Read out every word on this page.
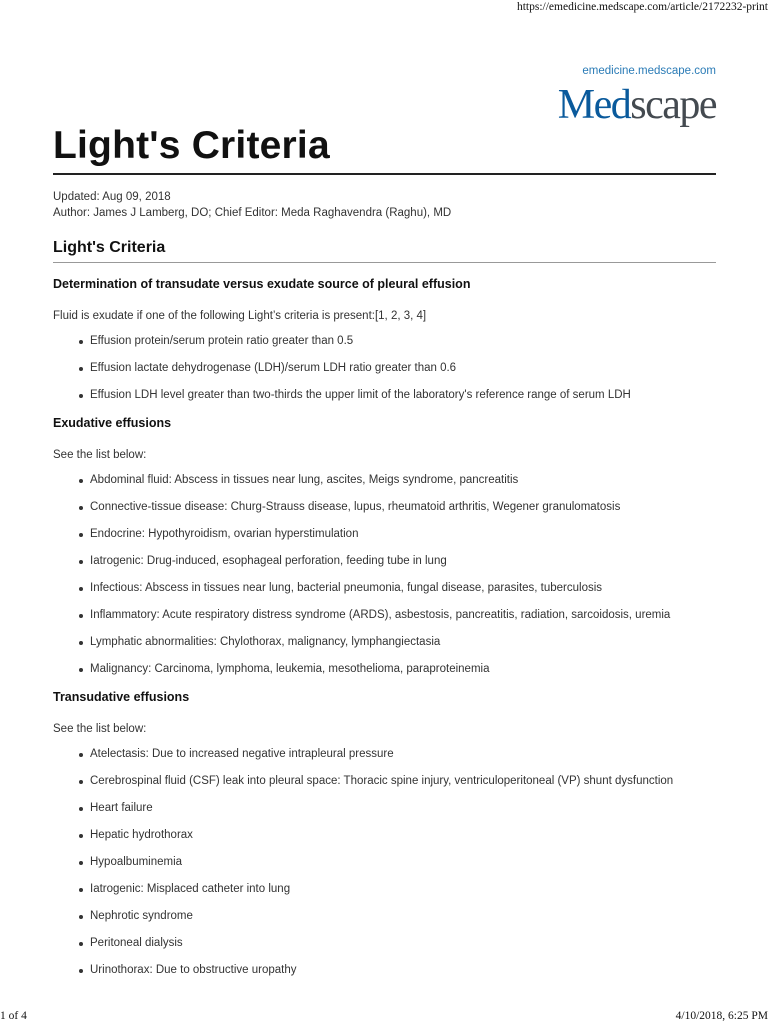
https://emedicine.medscape.com/article/2172232-print
emedicine.medscape.com
Medscape
Light's Criteria
Updated: Aug 09, 2018
Author: James J Lamberg, DO; Chief Editor: Meda Raghavendra (Raghu), MD
Light's Criteria
Determination of transudate versus exudate source of pleural effusion
Fluid is exudate if one of the following Light’s criteria is present:[1, 2, 3, 4]
Effusion protein/serum protein ratio greater than 0.5
Effusion lactate dehydrogenase (LDH)/serum LDH ratio greater than 0.6
Effusion LDH level greater than two-thirds the upper limit of the laboratory's reference range of serum LDH
Exudative effusions
See the list below:
Abdominal fluid: Abscess in tissues near lung, ascites, Meigs syndrome, pancreatitis
Connective-tissue disease: Churg-Strauss disease, lupus, rheumatoid arthritis, Wegener granulomatosis
Endocrine: Hypothyroidism, ovarian hyperstimulation
Iatrogenic: Drug-induced, esophageal perforation, feeding tube in lung
Infectious: Abscess in tissues near lung, bacterial pneumonia, fungal disease, parasites, tuberculosis
Inflammatory: Acute respiratory distress syndrome (ARDS), asbestosis, pancreatitis, radiation, sarcoidosis, uremia
Lymphatic abnormalities: Chylothorax, malignancy, lymphangiectasia
Malignancy: Carcinoma, lymphoma, leukemia, mesothelioma, paraproteinemia
Transudative effusions
See the list below:
Atelectasis: Due to increased negative intrapleural pressure
Cerebrospinal fluid (CSF) leak into pleural space: Thoracic spine injury, ventriculoperitoneal (VP) shunt dysfunction
Heart failure
Hepatic hydrothorax
Hypoalbuminemia
Iatrogenic: Misplaced catheter into lung
Nephrotic syndrome
Peritoneal dialysis
Urinothorax: Due to obstructive uropathy
1 of 4	4/10/2018, 6:25 PM
